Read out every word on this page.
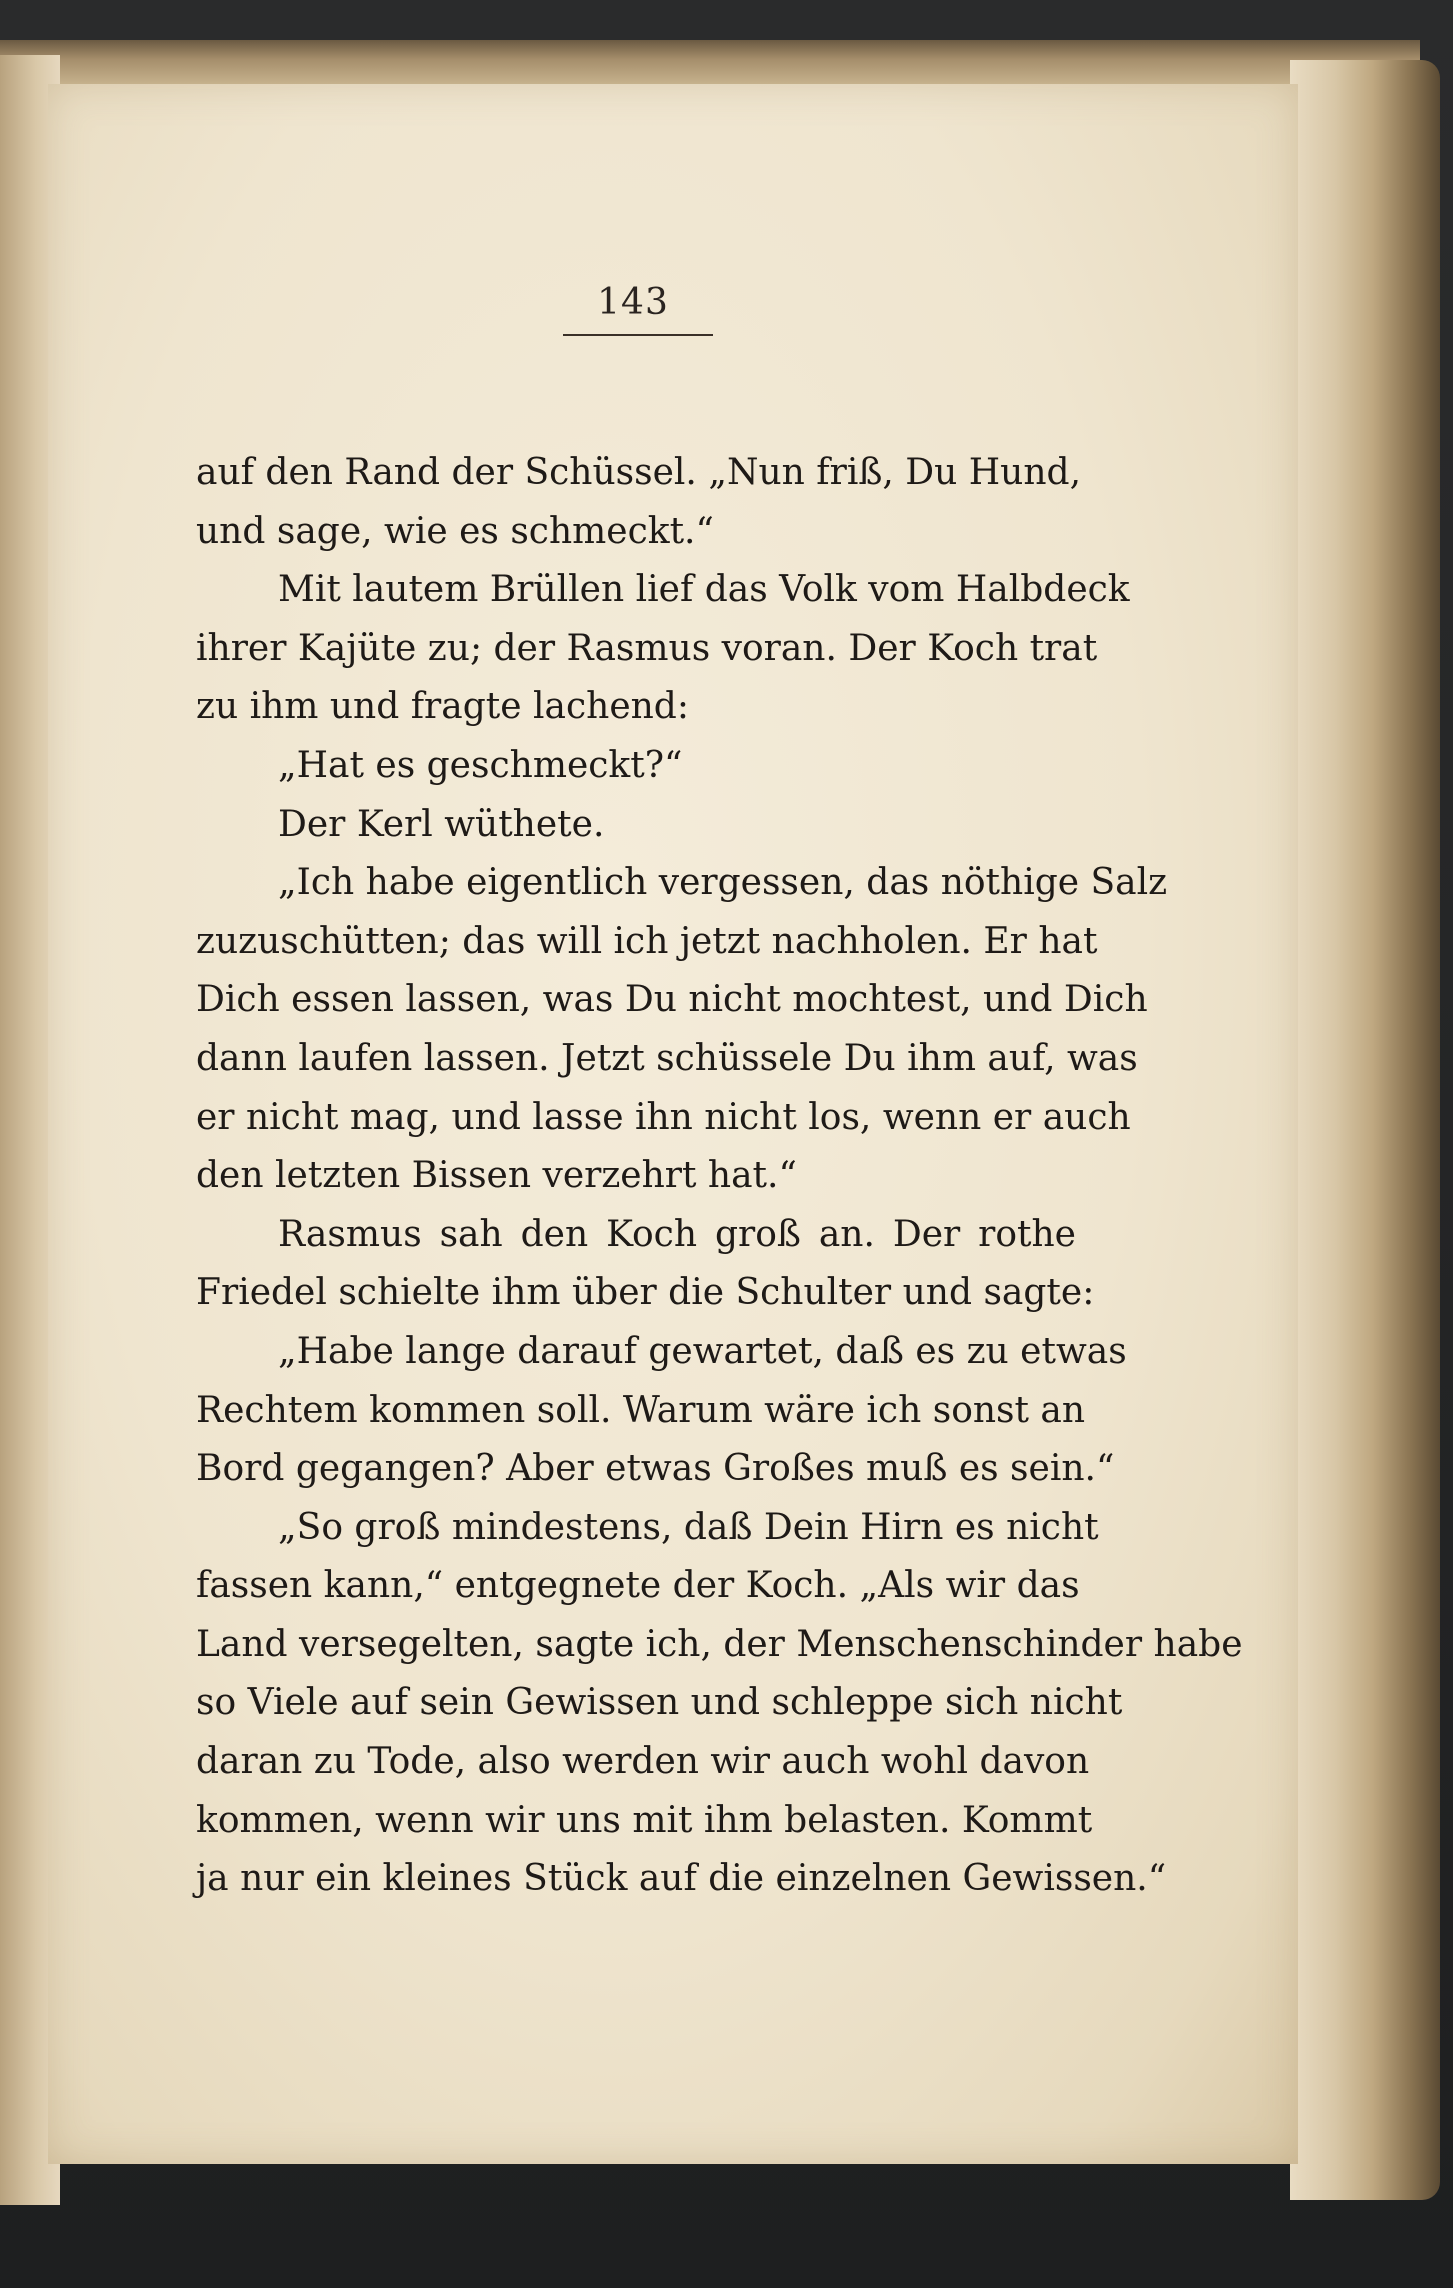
143
auf den Rand der Schüssel. „Nun friß, Du Hund,
und sage, wie es schmeckt.“
Mit lautem Brüllen lief das Volk vom Halbdeck
ihrer Kajüte zu; der Rasmus voran. Der Koch trat
zu ihm und fragte lachend:
„Hat es geschmeckt?“
Der Kerl wüthete.
„Ich habe eigentlich vergessen, das nöthige Salz
zuzuschütten; das will ich jetzt nachholen. Er hat
Dich essen lassen, was Du nicht mochtest, und Dich
dann laufen lassen. Jetzt schüssele Du ihm auf, was
er nicht mag, und lasse ihn nicht los, wenn er auch
den letzten Bissen verzehrt hat.“
Rasmus sah den Koch groß an. Der rothe
Friedel schielte ihm über die Schulter und sagte:
„Habe lange darauf gewartet, daß es zu etwas
Rechtem kommen soll. Warum wäre ich sonst an
Bord gegangen? Aber etwas Großes muß es sein.“
„So groß mindestens, daß Dein Hirn es nicht
fassen kann,“ entgegnete der Koch. „Als wir das
Land versegelten, sagte ich, der Menschenschinder habe
so Viele auf sein Gewissen und schleppe sich nicht
daran zu Tode, also werden wir auch wohl davon
kommen, wenn wir uns mit ihm belasten. Kommt
ja nur ein kleines Stück auf die einzelnen Gewissen.“
